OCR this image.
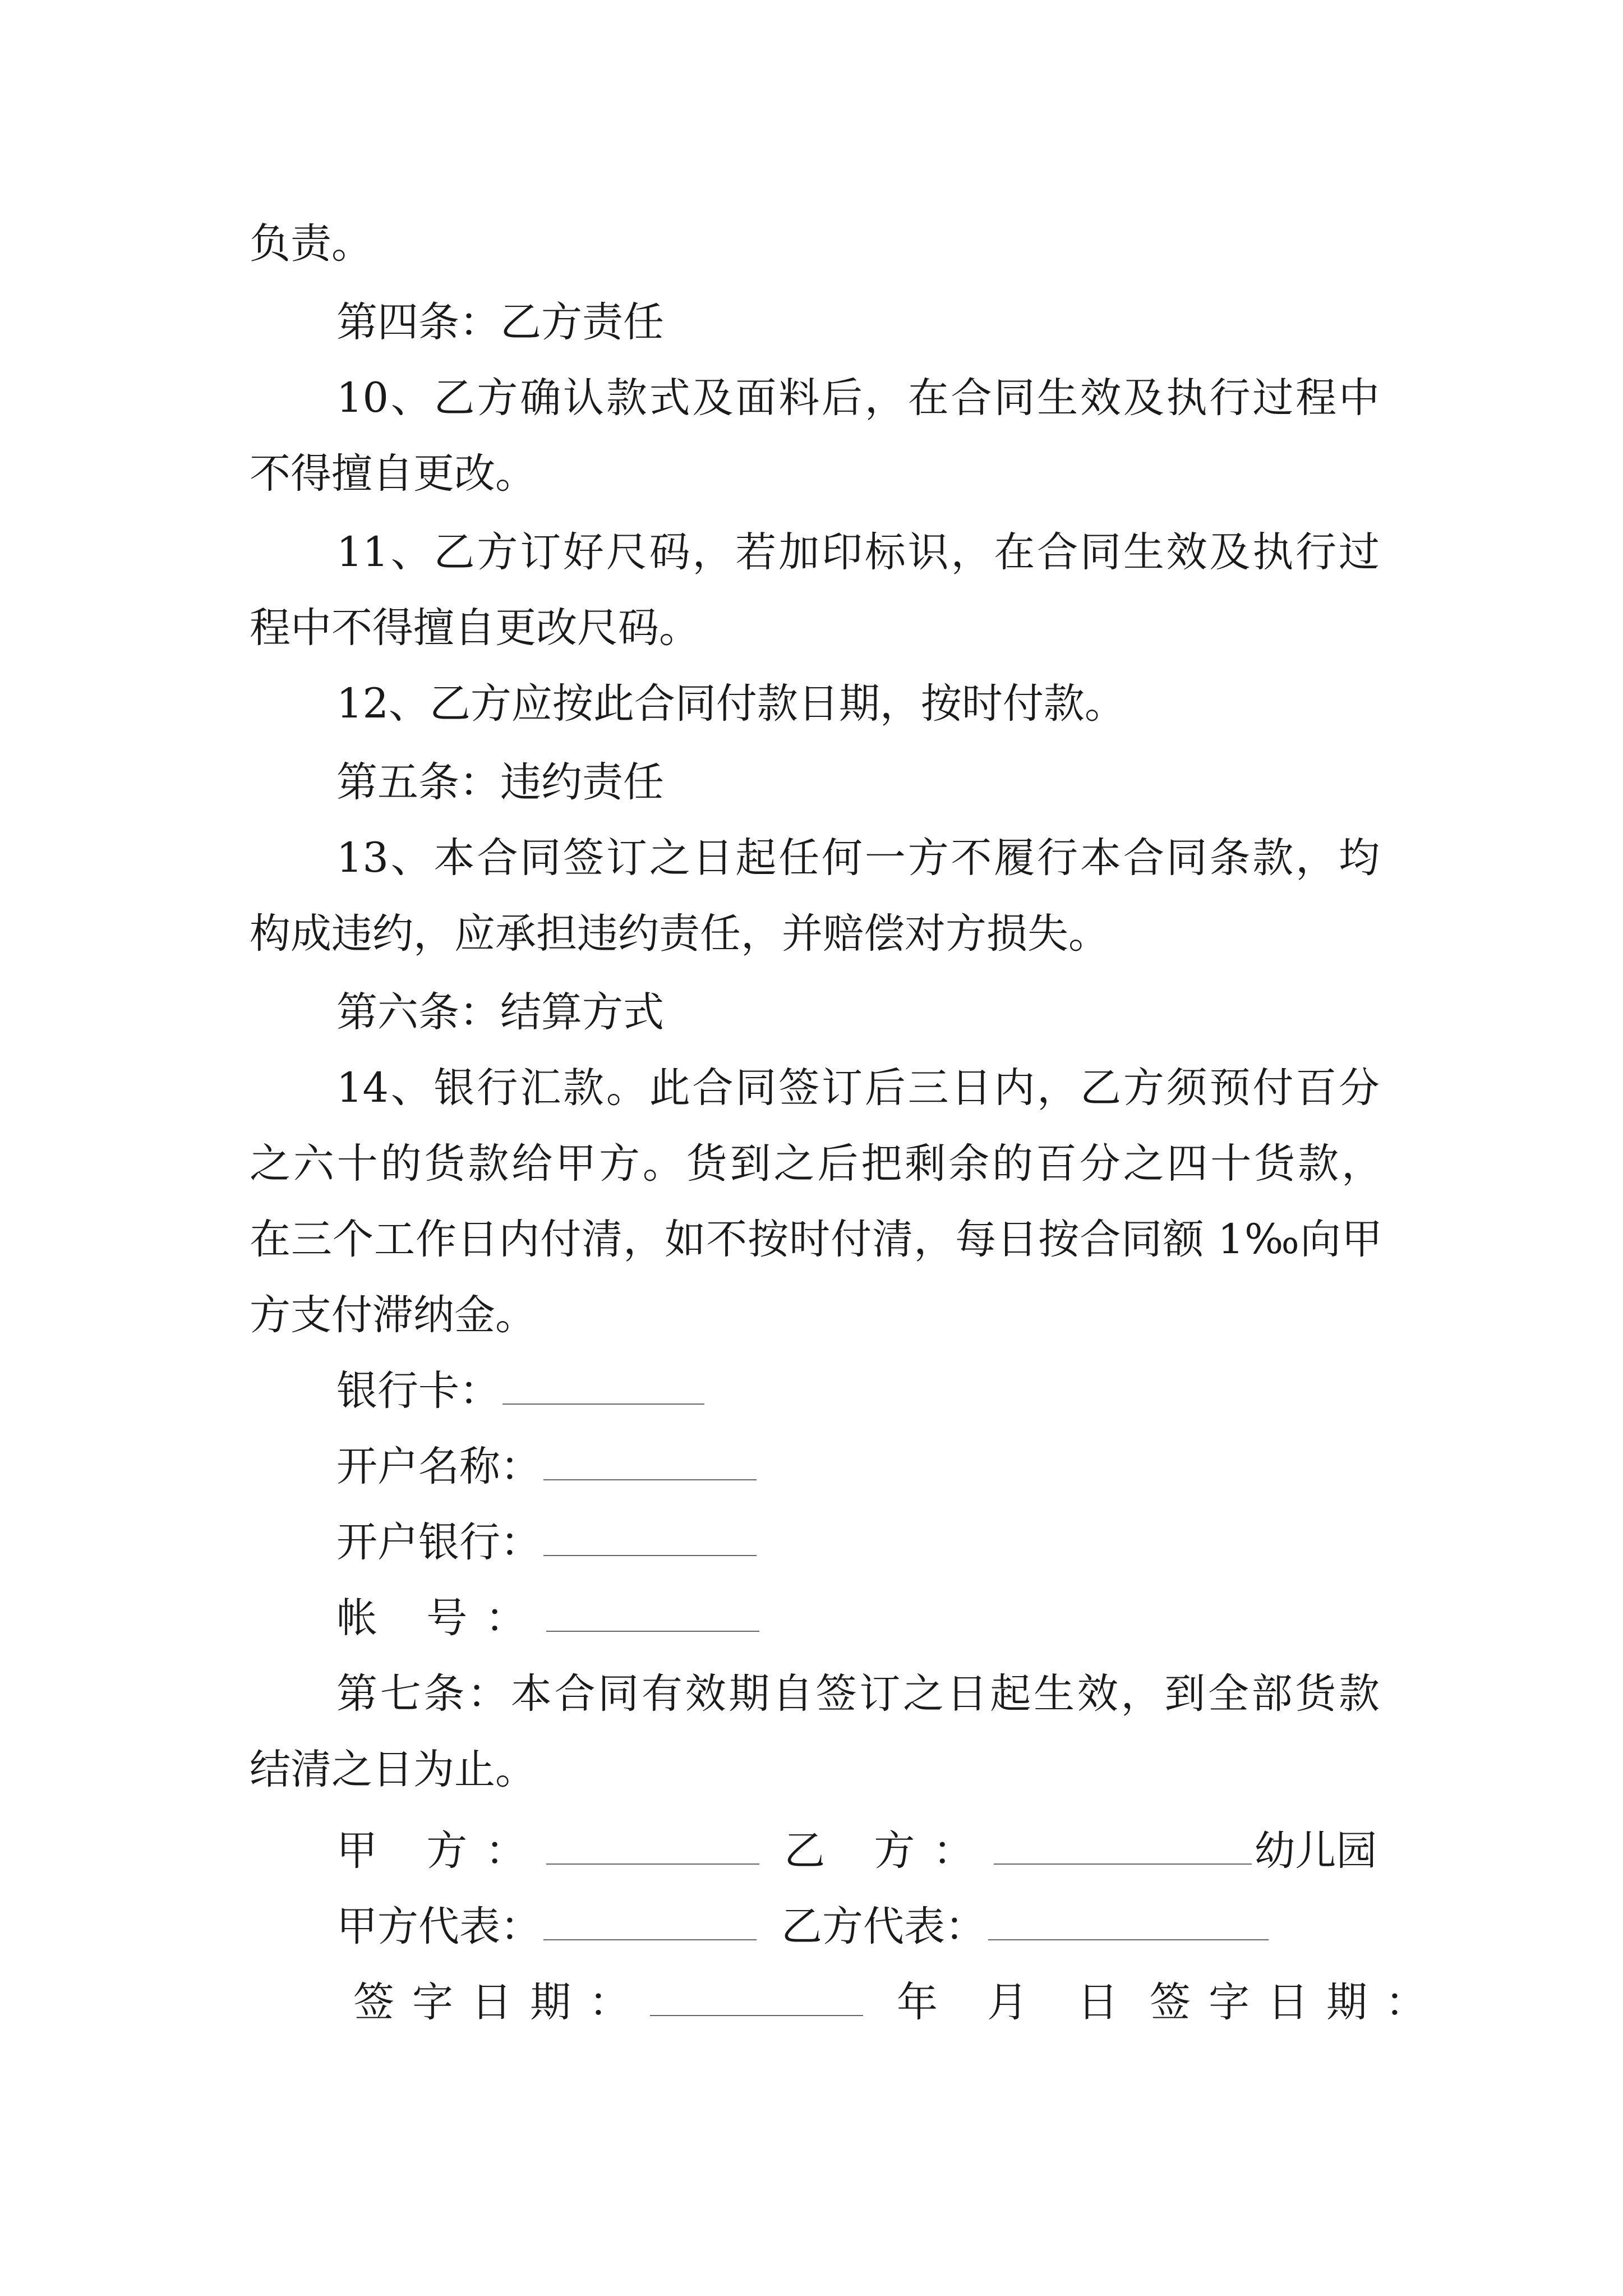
负责。
第四条：乙方责任
10、乙方确认款式及面料后，在合同生效及执行过程中
不得擅自更改。
11、乙方订好尺码，若加印标识，在合同生效及执行过
程中不得擅自更改尺码。
12、乙方应按此合同付款日期，按时付款。
第五条：违约责任
13、本合同签订之日起任何一方不履行本合同条款，均
构成违约，应承担违约责任，并赔偿对方损失。
第六条：结算方式
14、银行汇款。此合同签订后三日内，乙方须预付百分
之六十的货款给甲方。货到之后把剩余的百分之四十货款，
在三个工作日内付清，如不按时付清，每日按合同额 1‰向甲
方支付滞纳金。
银行卡：
开户名称：
开户银行：
帐 号：
第七条：本合同有效期自签订之日起生效，到全部货款
结清之日为止。
甲 方：	乙 方：	幼儿园
甲方代表：	乙方代表：
签字日期：	年 月 日 签字日期：
